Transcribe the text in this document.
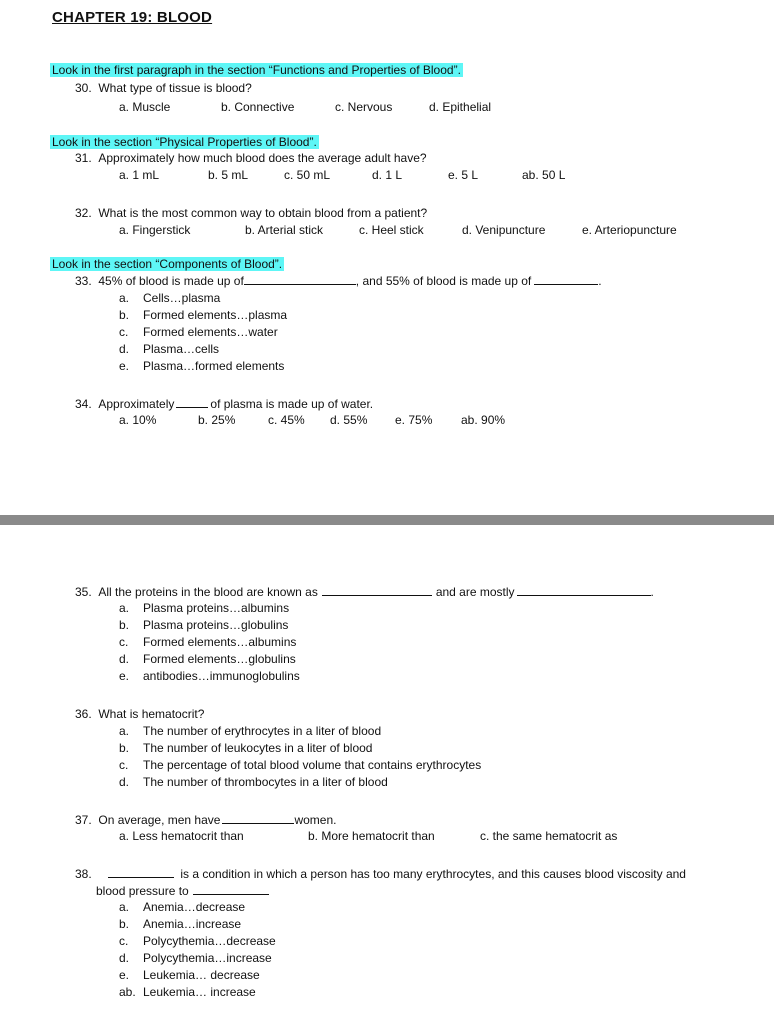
CHAPTER 19: BLOOD
Look in the first paragraph in the section “Functions and Properties of Blood”.
30. What type of tissue is blood?
a. Muscle	b. Connective	c. Nervous	d. Epithelial
Look in the section “Physical Properties of Blood”.
31. Approximately how much blood does the average adult have?
a. 1 mL	b. 5 mL	c. 50 mL	d. 1 L	e. 5 L	ab. 50 L
32. What is the most common way to obtain blood from a patient?
a. Fingerstick	b. Arterial stick	c. Heel stick	d. Venipuncture	e. Arteriopuncture
Look in the section “Components of Blood”.
33. 45% of blood is made up of	, and 55% of blood is made up of	.
a. Cells…plasma
b. Formed elements…plasma
c. Formed elements…water
d. Plasma…cells
e. Plasma…formed elements
34. Approximately	of plasma is made up of water.
a. 10%	b. 25%	c. 45% d. 55% e. 75% ab. 90%
35. All the proteins in the blood are known as	and are mostly	.
a. Plasma proteins…albumins
b. Plasma proteins…globulins
c. Formed elements…albumins
d. Formed elements…globulins
e. antibodies…immunoglobulins
36. What is hematocrit?
a. The number of erythrocytes in a liter of blood
b. The number of leukocytes in a liter of blood
c. The percentage of total blood volume that contains erythrocytes
d. The number of thrombocytes in a liter of blood
37. On average, men have	women.
a. Less hematocrit than	b. More hematocrit than	c. the same hematocrit as
38.	is a condition in which a person has too many erythrocytes, and this causes blood viscosity and
blood pressure to
a. Anemia…decrease
b. Anemia…increase
c. Polycythemia…decrease
d. Polycythemia…increase
e. Leukemia… decrease
ab. Leukemia… increase
